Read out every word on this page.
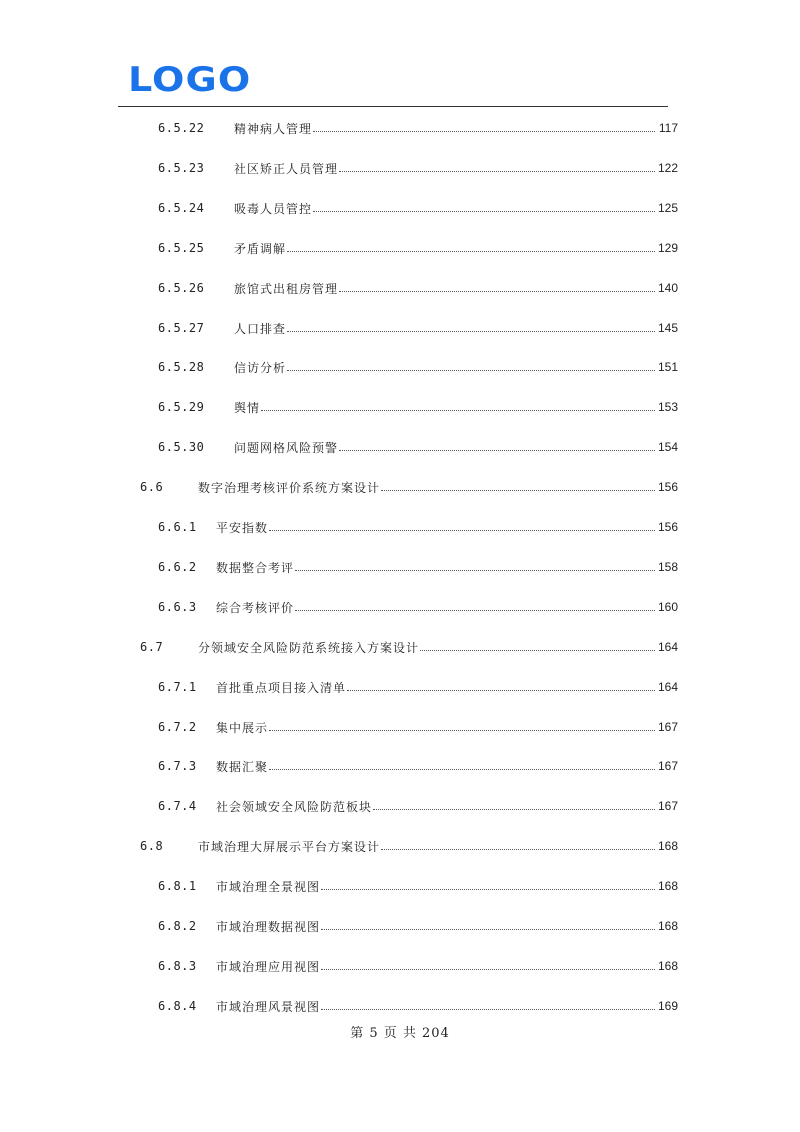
LOGO
6.5.22 精神病人管理	117
6.5.23 社区矫正人员管理	122
6.5.24 吸毒人员管控	125
6.5.25 矛盾调解	129
6.5.26 旅馆式出租房管理	140
6.5.27 人口排查	145
6.5.28 信访分析	151
6.5.29 舆情	153
6.5.30 问题网格风险预警	154
6.6	数字治理考核评价系统方案设计	156
6.6.1 平安指数	156
6.6.2 数据整合考评	158
6.6.3 综合考核评价	160
6.7	分领域安全风险防范系统接入方案设计	164
6.7.1 首批重点项目接入清单	164
6.7.2 集中展示	167
6.7.3 数据汇聚	167
6.7.4 社会领域安全风险防范板块	167
6.8	市域治理大屏展示平台方案设计	168
6.8.1 市域治理全景视图	168
6.8.2 市域治理数据视图	168
6.8.3 市域治理应用视图	168
6.8.4 市域治理风景视图	169
第 5 页 共 204
